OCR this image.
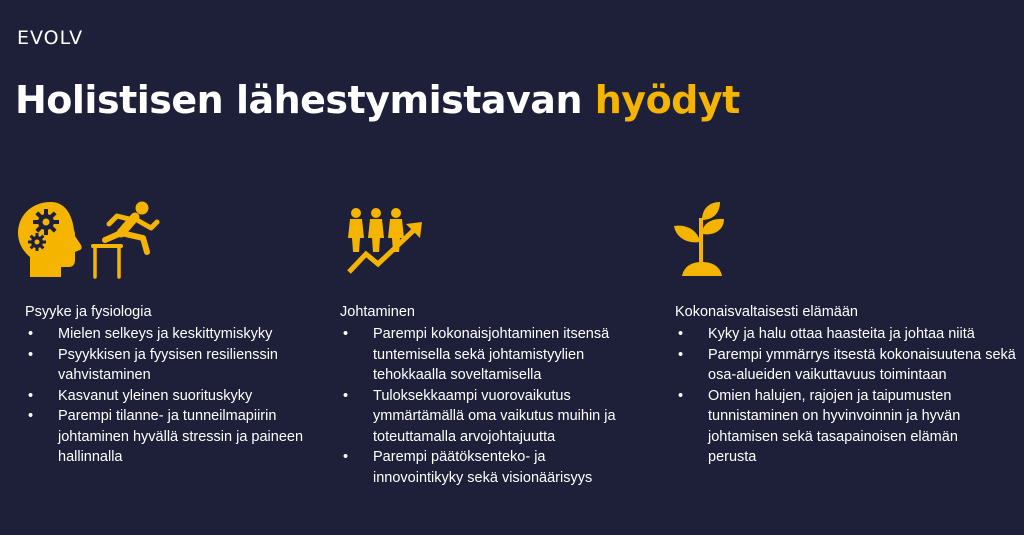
EVOLV
Holistisen lähestymistavan hyödyt
Psyyke ja fysiologia
• Mielen selkeys ja keskittymiskyky
• Psyykkisen ja fyysisen resilienssin vahvistaminen
• Kasvanut yleinen suorituskyky
• Parempi tilanne- ja tunneilmapiirin johtaminen hyvällä stressin ja paineen hallinnalla
Johtaminen
• Parempi kokonaisjohtaminen itsensä tuntemisella sekä johtamistyylien tehokkaalla soveltamisella
• Tuloksekkaampi vuorovaikutus ymmärtämällä oma vaikutus muihin ja toteuttamalla arvojohtajuutta
• Parempi päätöksenteko- ja innovointikyky sekä visionäärisyys
Kokonaisvaltaisesti elämään
• Kyky ja halu ottaa haasteita ja johtaa niitä
• Parempi ymmärrys itsestä kokonaisuutena sekä osa-alueiden vaikuttavuus toimintaan
• Omien halujen, rajojen ja taipumusten tunnistaminen on hyvinvoinnin ja hyvän johtamisen sekä tasapainoisen elämän perusta
